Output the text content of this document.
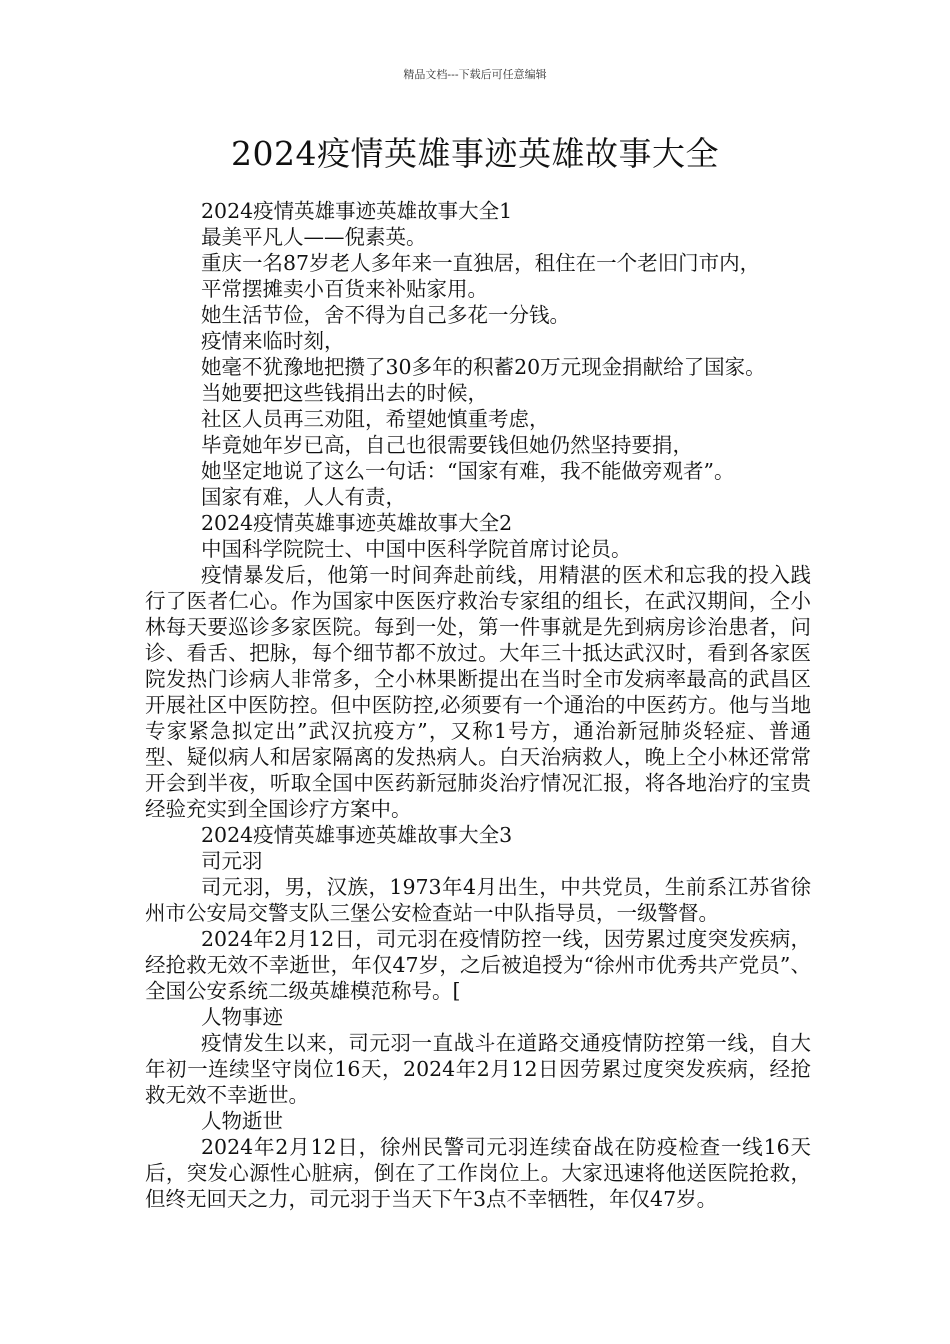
精品文档---下载后可任意编辑
2024疫情英雄事迹英雄故事大全

2024疫情英雄事迹英雄故事大全1

最美平凡人——倪素英。

重庆一名87岁老人多年来一直独居，租住在一个老旧门市内，

平常摆摊卖小百货来补贴家用。

她生活节俭，舍不得为自己多花一分钱。

疫情来临时刻，

她毫不犹豫地把攒了30多年的积蓄20万元现金捐献给了国家。

当她要把这些钱捐出去的时候，

社区人员再三劝阻，希望她慎重考虑，

毕竟她年岁已高，自己也很需要钱但她仍然坚持要捐，

她坚定地说了这么一句话：“国家有难，我不能做旁观者”。

国家有难，人人有责，

2024疫情英雄事迹英雄故事大全2

中国科学院院士、中国中医科学院首席讨论员。

疫情暴发后，他第一时间奔赴前线，用精湛的医术和忘我的投入践行了医者仁心。作为国家中医医疗救治专家组的组长，在武汉期间，仝小林每天要巡诊多家医院。每到一处，第一件事就是先到病房诊治患者，问诊、看舌、把脉，每个细节都不放过。大年三十抵达武汉时，看到各家医院发热门诊病人非常多，仝小林果断提出在当时全市发病率最高的武昌区开展社区中医防控。但中医防控,必须要有一个通治的中医药方。他与当地专家紧急拟定出”武汉抗疫方”，又称1号方，通治新冠肺炎轻症、普通型、疑似病人和居家隔离的发热病人。白天治病救人，晚上仝小林还常常开会到半夜，听取全国中医药新冠肺炎治疗情况汇报，将各地治疗的宝贵经验充实到全国诊疗方案中。

2024疫情英雄事迹英雄故事大全3

司元羽

司元羽，男，汉族，1973年4月出生，中共党员，生前系江苏省徐州市公安局交警支队三堡公安检查站一中队指导员，一级警督。

2024年2月12日，司元羽在疫情防控一线，因劳累过度突发疾病，经抢救无效不幸逝世，年仅47岁，之后被追授为“徐州市优秀共产党员”、全国公安系统二级英雄模范称号。[

人物事迹

疫情发生以来，司元羽一直战斗在道路交通疫情防控第一线，自大年初一连续坚守岗位16天，2024年2月12日因劳累过度突发疾病，经抢救无效不幸逝世。

人物逝世

2024年2月12日，徐州民警司元羽连续奋战在防疫检查一线16天后，突发心源性心脏病，倒在了工作岗位上。大家迅速将他送医院抢救，但终无回天之力，司元羽于当天下午3点不幸牺牲，年仅47岁。
